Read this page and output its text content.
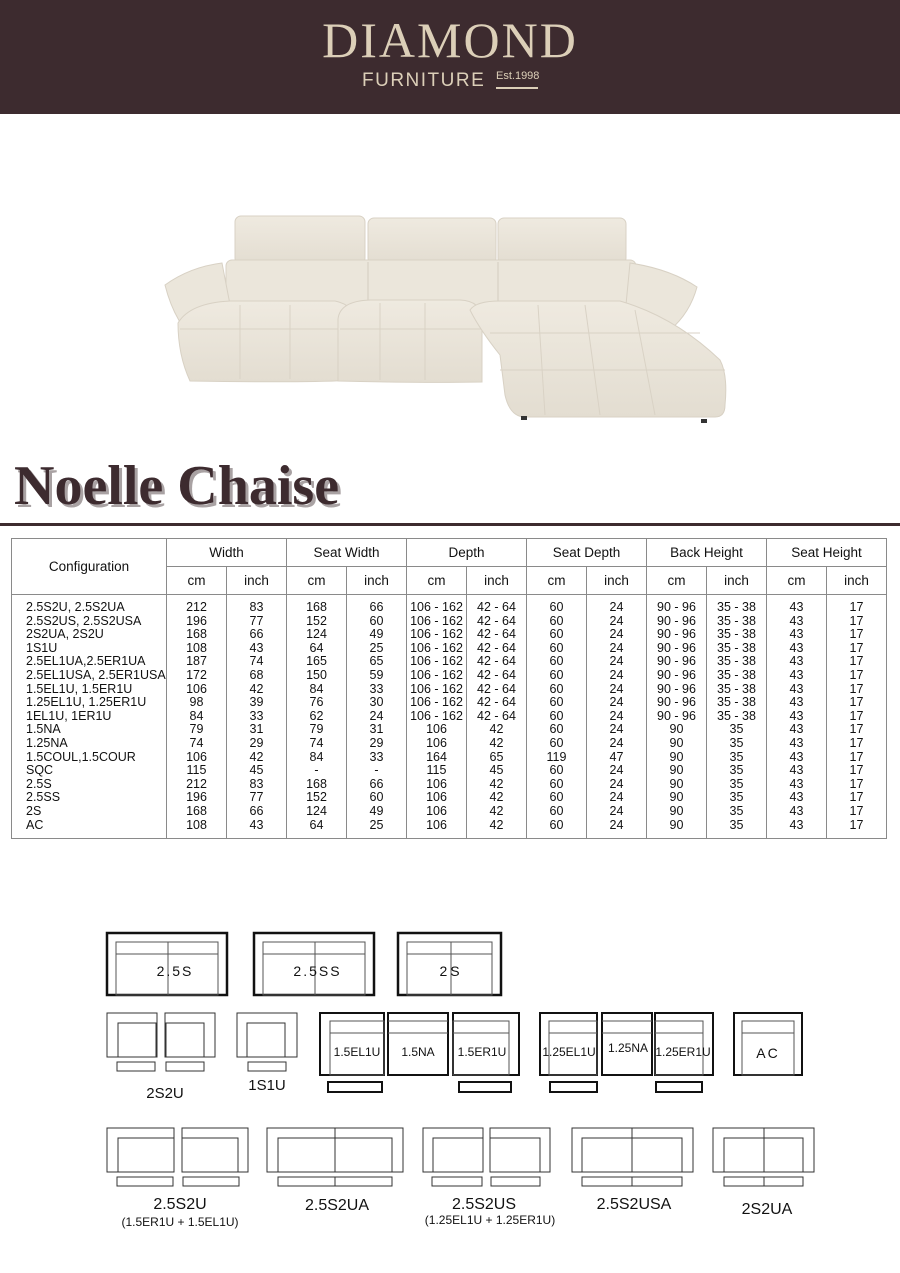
DIAMOND
FURNITURE Est.1998
Noelle Chaise
Configuration	Width		Seat Width		Depth		Seat Depth		Back Height		Seat Height	
	cm	inch	cm	inch	cm	inch	cm	inch	cm	inch	cm	inch
2.5S2U, 2.5S2UA	212	83	168	66	106 - 162	42 - 64	60	24	90 - 96	35 - 38	43	17
2.5S2US, 2.5S2USA	196	77	152	60	106 - 162	42 - 64	60	24	90 - 96	35 - 38	43	17
2S2UA, 2S2U	168	66	124	49	106 - 162	42 - 64	60	24	90 - 96	35 - 38	43	17
1S1U	108	43	64	25	106 - 162	42 - 64	60	24	90 - 96	35 - 38	43	17
2.5EL1UA,2.5ER1UA	187	74	165	65	106 - 162	42 - 64	60	24	90 - 96	35 - 38	43	17
2.5EL1USA, 2.5ER1USA	172	68	150	59	106 - 162	42 - 64	60	24	90 - 96	35 - 38	43	17
1.5EL1U, 1.5ER1U	106	42	84	33	106 - 162	42 - 64	60	24	90 - 96	35 - 38	43	17
1.25EL1U, 1.25ER1U	98	39	76	30	106 - 162	42 - 64	60	24	90 - 96	35 - 38	43	17
1EL1U, 1ER1U	84	33	62	24	106 - 162	42 - 64	60	24	90 - 96	35 - 38	43	17
1.5NA	79	31	79	31	106	42	60	24	90	35	43	17
1.25NA	74	29	74	29	106	42	60	24	90	35	43	17
1.5COUL,1.5COUR	106	42	84	33	164	65	119	47	90	35	43	17
SQC	115	45	-	-	115	45	60	24	90	35	43	17
2.5S	212	83	168	66	106	42	60	24	90	35	43	17
2.5SS	196	77	152	60	106	42	60	24	90	35	43	17
2S	168	66	124	49	106	42	60	24	90	35	43	17
AC	108	43	64	25	106	42	60	24	90	35	43	17
2.5S	2.5SS	2S
2S2U	1S1U
1.5EL1U	1.5NA	1.5ER1U	1.25EL1U	1.25NA 1.25ER1U	AC
2.5S2U
(1.5ER1U + 1.5EL1U)
2.5S2UA	2.5S2US
(1.25EL1U + 1.25ER1U)
2.5S2USA	2S2UA
